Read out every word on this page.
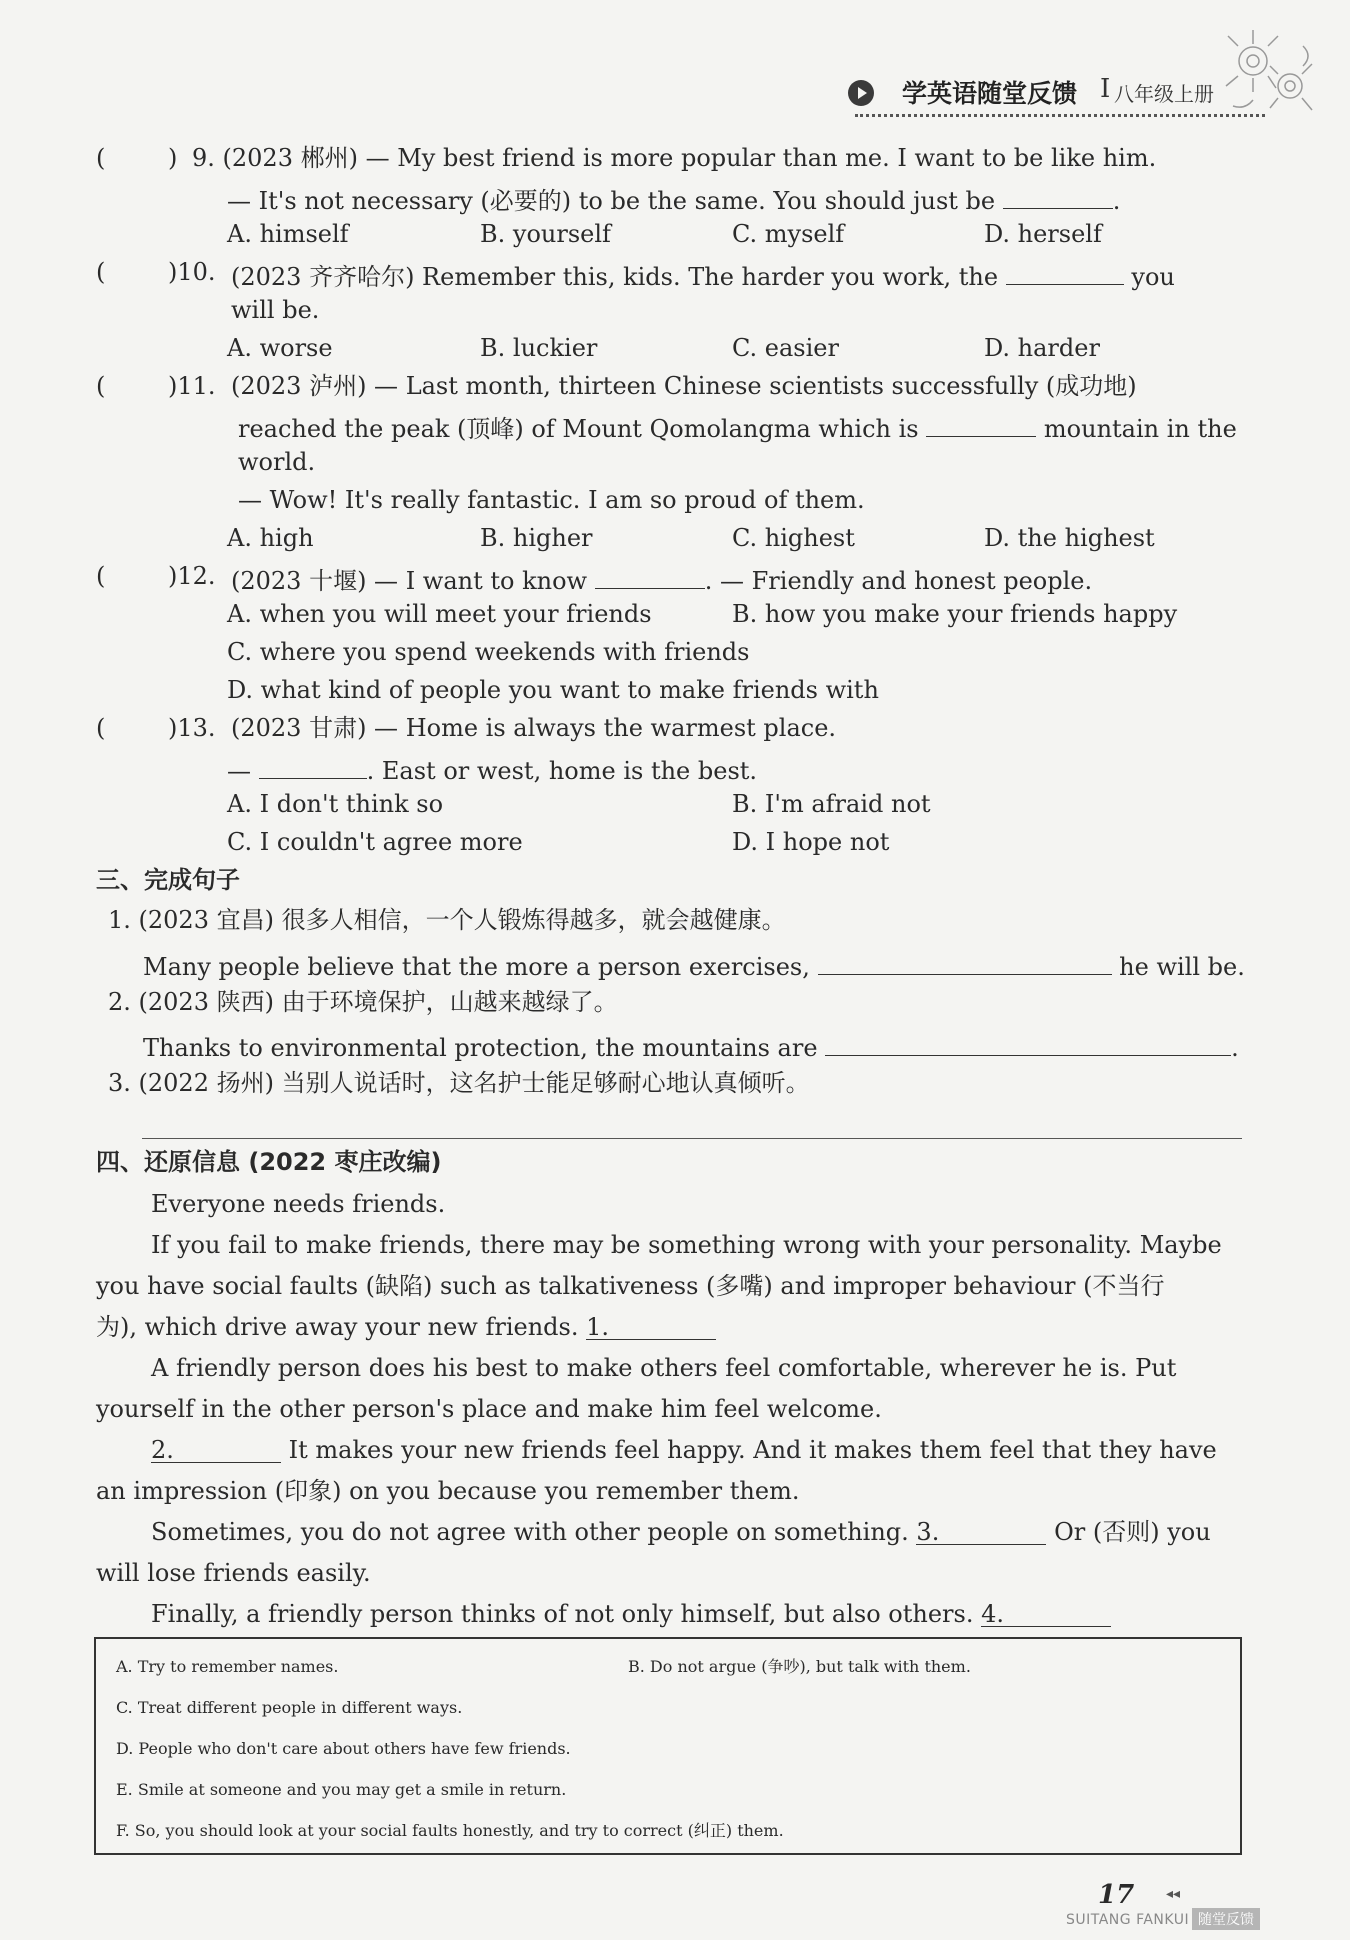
学英语随堂反馈 I 八年级上册
(	) 9. (2023 郴州) — My best friend is more popular than me. I want to be like him.
— It's not necessary (必要的) to be the same. You should just be	.
A. himself	B. yourself	C. myself	D. herself
(	)10. (2023 齐齐哈尔) Remember this, kids. The harder you work, the	you
will be.
A. worse	B. luckier	C. easier	D. harder
(	)11. (2023 泸州) — Last month, thirteen Chinese scientists successfully (成功地)
reached the peak (顶峰) of Mount Qomolangma which is	mountain in the
world.
— Wow! It's really fantastic. I am so proud of them.
A. high	B. higher	C. highest	D. the highest
(	)12. (2023 十堰) — I want to know	. — Friendly and honest people.
A. when you will meet your friends	B. how you make your friends happy
C. where you spend weekends with friends
D. what kind of people you want to make friends with
(	)13. (2023 甘肃) — Home is always the warmest place.
—	. East or west, home is the best.
A. I don't think so	B. I'm afraid not
C. I couldn't agree more	D. I hope not
三、完成句子
1. (2023 宜昌) 很多人相信，一个人锻炼得越多，就会越健康。
Many people believe that the more a person exercises,	he will be.
2. (2023 陕西) 由于环境保护，山越来越绿了。
Thanks to environmental protection, the mountains are	.
3. (2022 扬州) 当别人说话时，这名护士能足够耐心地认真倾听。
四、还原信息 (2022 枣庄改编)
Everyone needs friends.
If you fail to make friends, there may be something wrong with your personality. Maybe
you have social faults (缺陷) such as talkativeness (多嘴) and improper behaviour (不当行
为), which drive away your new friends. 1.
A friendly person does his best to make others feel comfortable, wherever he is. Put
yourself in the other person's place and make him feel welcome.
2.	It makes your new friends feel happy. And it makes them feel that they have
an impression (印象) on you because you remember them.
Sometimes, you do not agree with other people on something. 3.	Or (否则) you
will lose friends easily.
Finally, a friendly person thinks of not only himself, but also others. 4.
A. Try to remember names.	B. Do not argue (争吵), but talk with them.
C. Treat different people in different ways.
D. People who don't care about others have few friends.
E. Smile at someone and you may get a smile in return.
F. So, you should look at your social faults honestly, and try to correct (纠正) them.
17 ◂◂
SUITANG FANKUI 随堂反馈
